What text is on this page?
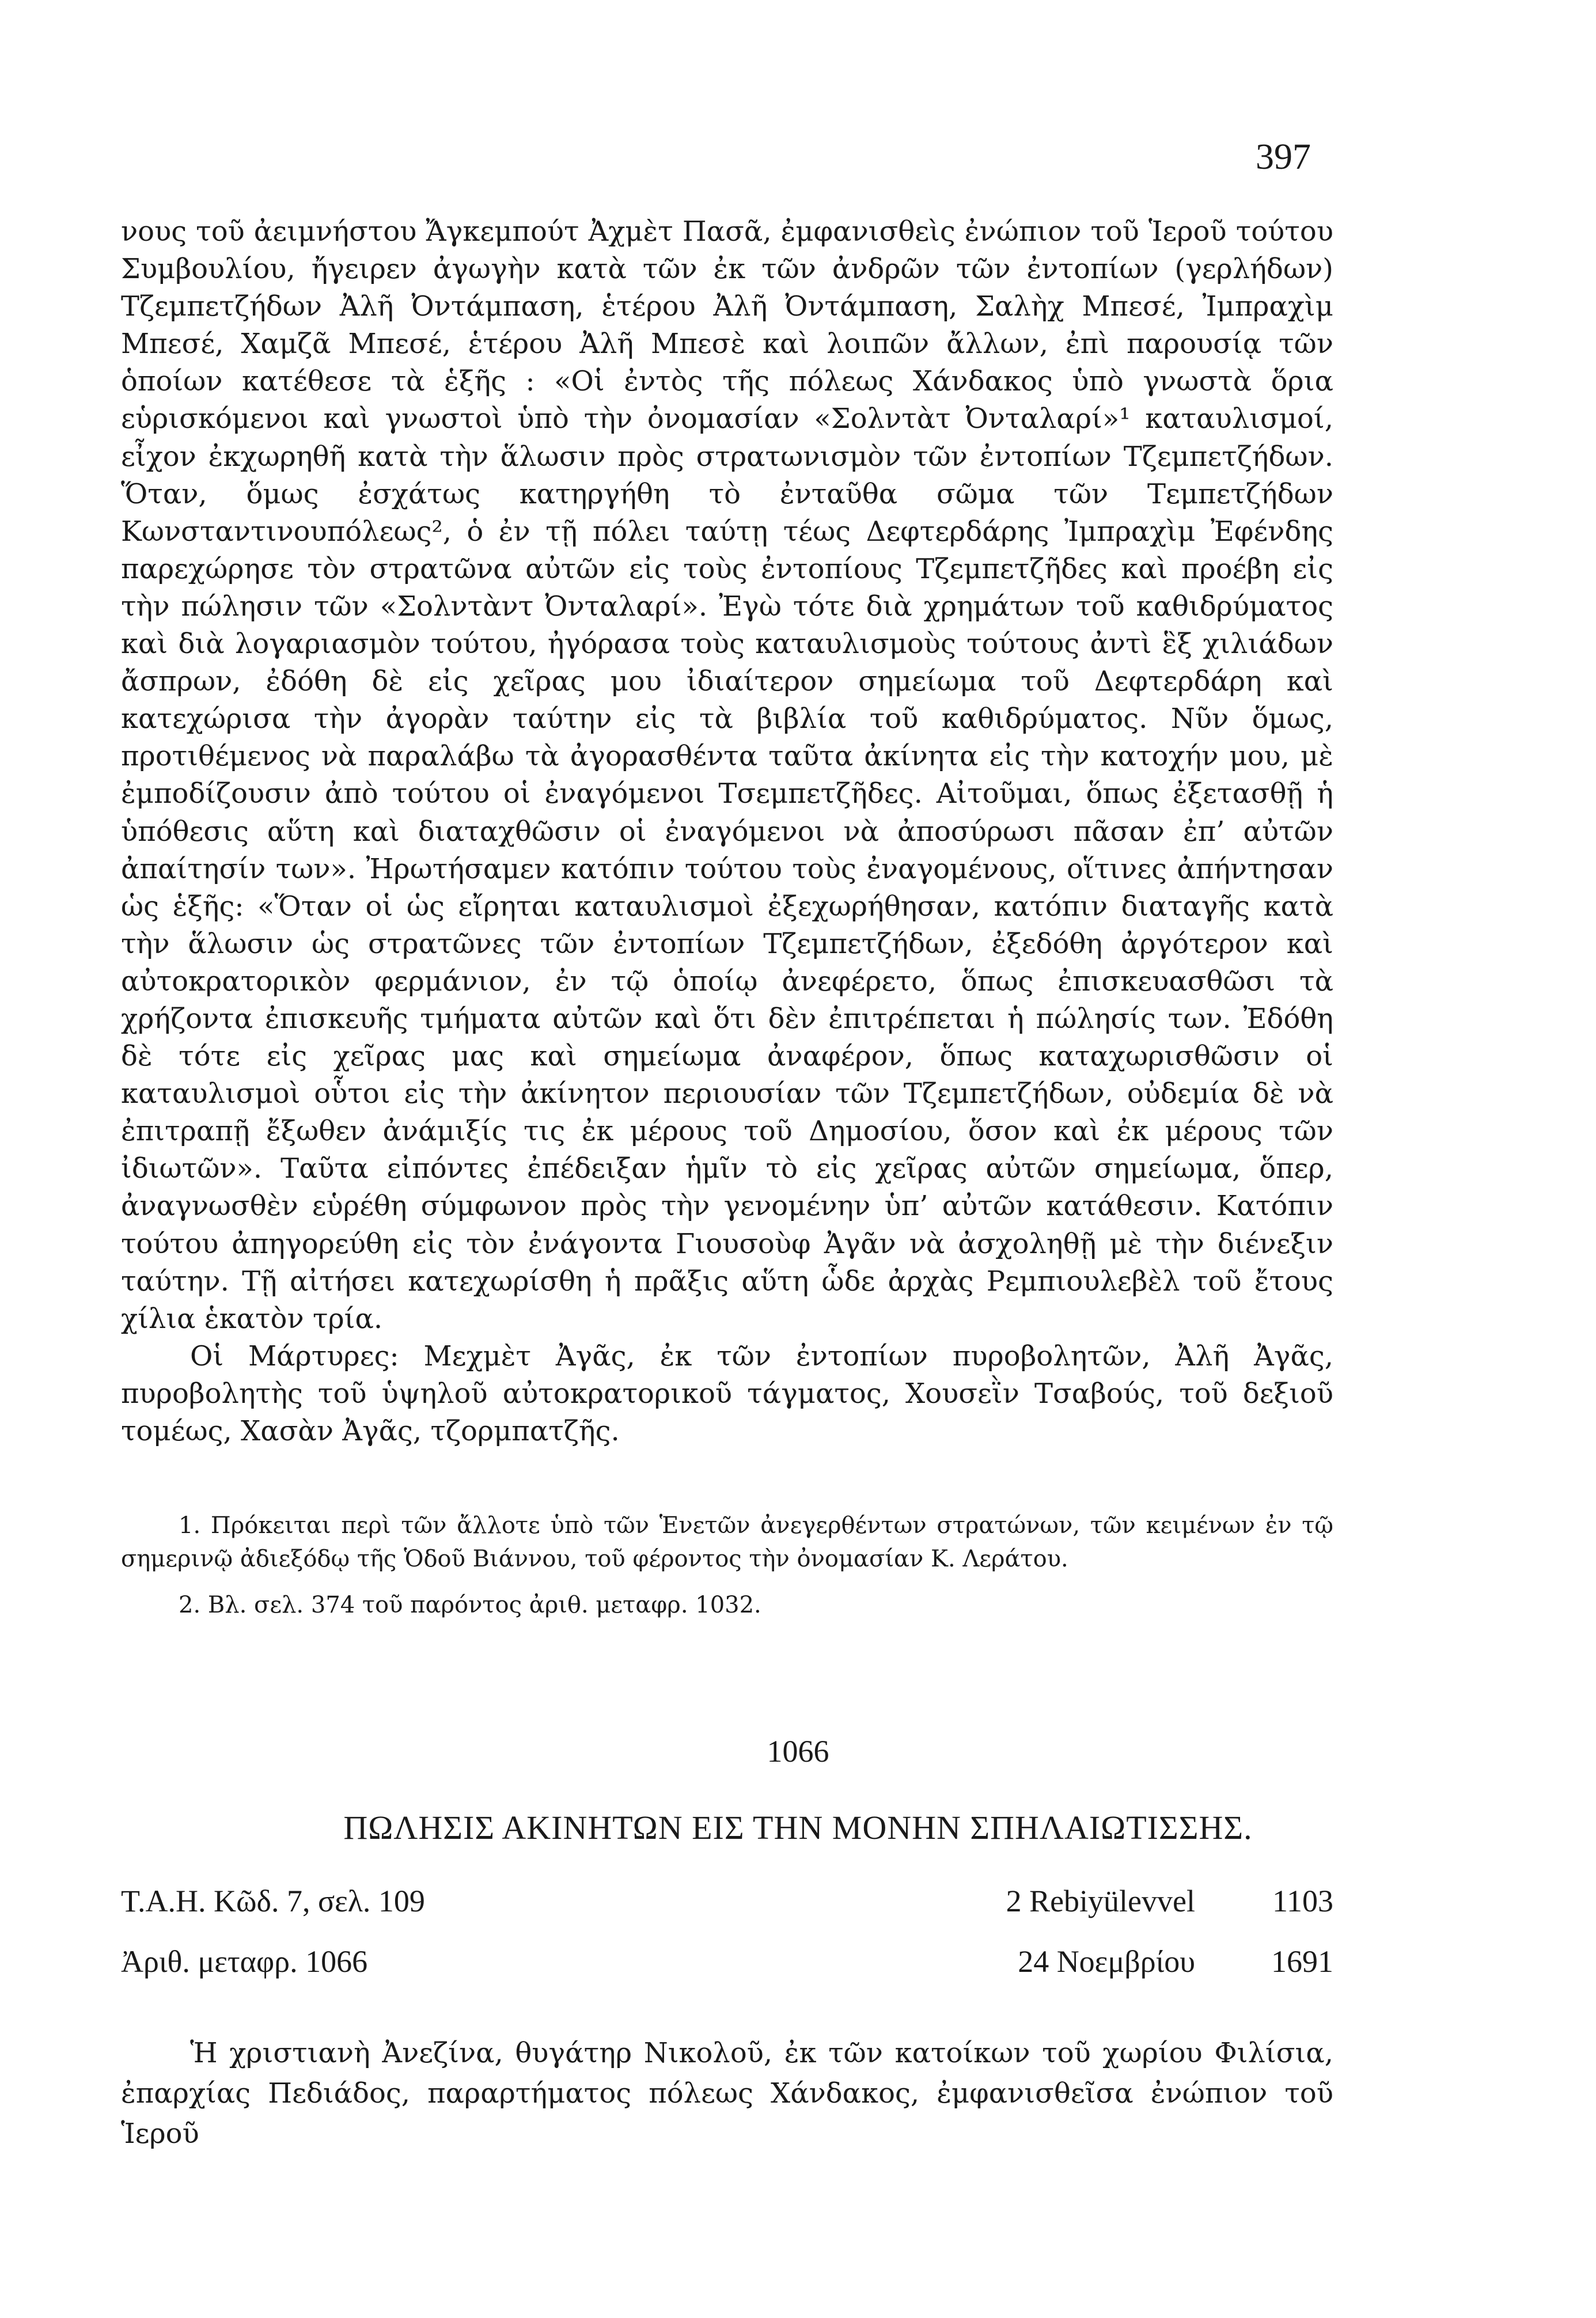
397

νους τοῦ ἀειμνήστου Ἄγκεμπούτ Ἀχμὲτ Πασᾶ, ἐμφανισθεὶς ἐνώπιον τοῦ Ἱεροῦ τούτου Συμβουλίου, ἤγειρεν ἀγωγὴν κατὰ τῶν ἐκ τῶν ἀνδρῶν τῶν ἐντοπίων (γερλήδων) Τζεμπετζήδων Ἀλῆ Ὀντάμπαση, ἑτέρου Ἀλῆ Ὀντάμπαση, Σαλὴχ Μπεσέ, Ἰμπραχὶμ Μπεσέ, Χαμζᾶ Μπεσέ, ἑτέρου Ἀλῆ Μπεσὲ καὶ λοιπῶν ἄλλων, ἐπὶ παρουσίᾳ τῶν ὁποίων κατέθεσε τὰ ἑξῆς : «Οἱ ἐντὸς τῆς πόλεως Χάνδακος ὑπὸ γνωστὰ ὅρια εὑρισκόμενοι καὶ γνωστοὶ ὑπὸ τὴν ὀνομασίαν «Σολντὰτ Ὀνταλαρί»¹ καταυλισμοί, εἶχον ἐκχωρηθῆ κατὰ τὴν ἅλωσιν πρὸς στρατωνισμὸν τῶν ἐντοπίων Τζεμπετζήδων. Ὅταν, ὅμως ἐσχάτως κατηργήθη τὸ ἐνταῦθα σῶμα τῶν Τεμπετζήδων Κωνσταντινουπόλεως², ὁ ἐν τῇ πόλει ταύτῃ τέως Δεφτερδάρης Ἰμπραχὶμ Ἐφένδης παρεχώρησε τὸν στρατῶνα αὐτῶν εἰς τοὺς ἐντοπίους Τζεμπετζῆδες καὶ προέβη εἰς τὴν πώλησιν τῶν «Σολντὰντ Ὀνταλαρί». Ἐγὼ τότε διὰ χρημάτων τοῦ καθιδρύματος καὶ διὰ λογαριασμὸν τούτου, ἠγόρασα τοὺς καταυλισμοὺς τούτους ἀντὶ ἓξ χιλιάδων ἄσπρων, ἐδόθη δὲ εἰς χεῖρας μου ἰδιαίτερον σημείωμα τοῦ Δεφτερδάρη καὶ κατεχώρισα τὴν ἀγορὰν ταύτην εἰς τὰ βιβλία τοῦ καθιδρύματος. Νῦν ὅμως, προτιθέμενος νὰ παραλάβω τὰ ἀγορασθέντα ταῦτα ἀκίνητα εἰς τὴν κατοχήν μου, μὲ ἐμποδίζουσιν ἀπὸ τούτου οἱ ἐναγόμενοι Τσεμπετζῆδες. Αἰτοῦμαι, ὅπως ἐξετασθῇ ἡ ὑπόθεσις αὕτη καὶ διαταχθῶσιν οἱ ἐναγόμενοι νὰ ἀποσύρωσι πᾶσαν ἐπ’ αὐτῶν ἀπαίτησίν των». Ἠρωτήσαμεν κατόπιν τούτου τοὺς ἐναγομένους, οἵτινες ἀπήντησαν ὡς ἑξῆς: «Ὅταν οἱ ὡς εἴρηται καταυλισμοὶ ἐξεχωρήθησαν, κατόπιν διαταγῆς κατὰ τὴν ἅλωσιν ὡς στρατῶνες τῶν ἐντοπίων Τζεμπετζήδων, ἐξεδόθη ἀργότερον καὶ αὐτοκρατορικὸν φερμάνιον, ἐν τῷ ὁποίῳ ἀνεφέρετο, ὅπως ἐπισκευασθῶσι τὰ χρήζοντα ἐπισκευῆς τμήματα αὐτῶν καὶ ὅτι δὲν ἐπιτρέπεται ἡ πώλησίς των. Ἐδόθη δὲ τότε εἰς χεῖρας μας καὶ σημείωμα ἀναφέρον, ὅπως καταχωρισθῶσιν οἱ καταυλισμοὶ οὗτοι εἰς τὴν ἀκίνητον περιουσίαν τῶν Τζεμπετζήδων, οὐδεμία δὲ νὰ ἐπιτραπῇ ἔξωθεν ἀνάμιξίς τις ἐκ μέρους τοῦ Δημοσίου, ὅσον καὶ ἐκ μέρους τῶν ἰδιωτῶν». Ταῦτα εἰπόντες ἐπέδειξαν ἡμῖν τὸ εἰς χεῖρας αὐτῶν σημείωμα, ὅπερ, ἀναγνωσθὲν εὑρέθη σύμφωνον πρὸς τὴν γενομένην ὑπ’ αὐτῶν κατάθεσιν. Κατόπιν τούτου ἀπηγορεύθη εἰς τὸν ἐνάγοντα Γιουσοὺφ Ἀγᾶν νὰ ἀσχοληθῇ μὲ τὴν διένεξιν ταύτην. Τῇ αἰτήσει κατεχωρίσθη ἡ πρᾶξις αὕτη ὧδε ἀρχὰς Ρεμπιουλεβὲλ τοῦ ἔτους χίλια ἑκατὸν τρία.

Οἱ Μάρτυρες: Μεχμὲτ Ἀγᾶς, ἐκ τῶν ἐντοπίων πυροβολητῶν, Ἀλῆ Ἀγᾶς, πυροβολητὴς τοῦ ὑψηλοῦ αὐτοκρατορικοῦ τάγματος, Χουσεῒν Τσαβούς, τοῦ δεξιοῦ τομέως, Χασὰν Ἀγᾶς, τζορμπατζῆς.

1. Πρόκειται περὶ τῶν ἄλλοτε ὑπὸ τῶν Ἑνετῶν ἀνεγερθέντων στρατώνων, τῶν κειμένων ἐν τῷ σημερινῷ ἀδιεξόδῳ τῆς Ὁδοῦ Βιάννου, τοῦ φέροντος τὴν ὀνομασίαν Κ. Λεράτου.

2. Βλ. σελ. 374 τοῦ παρόντος ἀριθ. μεταφρ. 1032.

1066
ΠΩΛΗΣΙΣ ΑΚΙΝΗΤΩΝ ΕΙΣ ΤΗΝ ΜΟΝΗΝ ΣΠΗΛΑΙΩΤΙΣΣΗΣ.
Τ.Α.Η. Κῶδ. 7, σελ. 109	2 Rebiyülevvel	1103
Ἀριθ. μεταφρ. 1066	24 Νοεμβρίου	1691

Ἡ χριστιανὴ Ἀνεζίνα, θυγάτηρ Νικολοῦ, ἐκ τῶν κατοίκων τοῦ χωρίου Φιλίσια, ἐπαρχίας Πεδιάδος, παραρτήματος πόλεως Χάνδακος, ἐμφανισθεῖσα ἐνώπιον τοῦ Ἱεροῦ
